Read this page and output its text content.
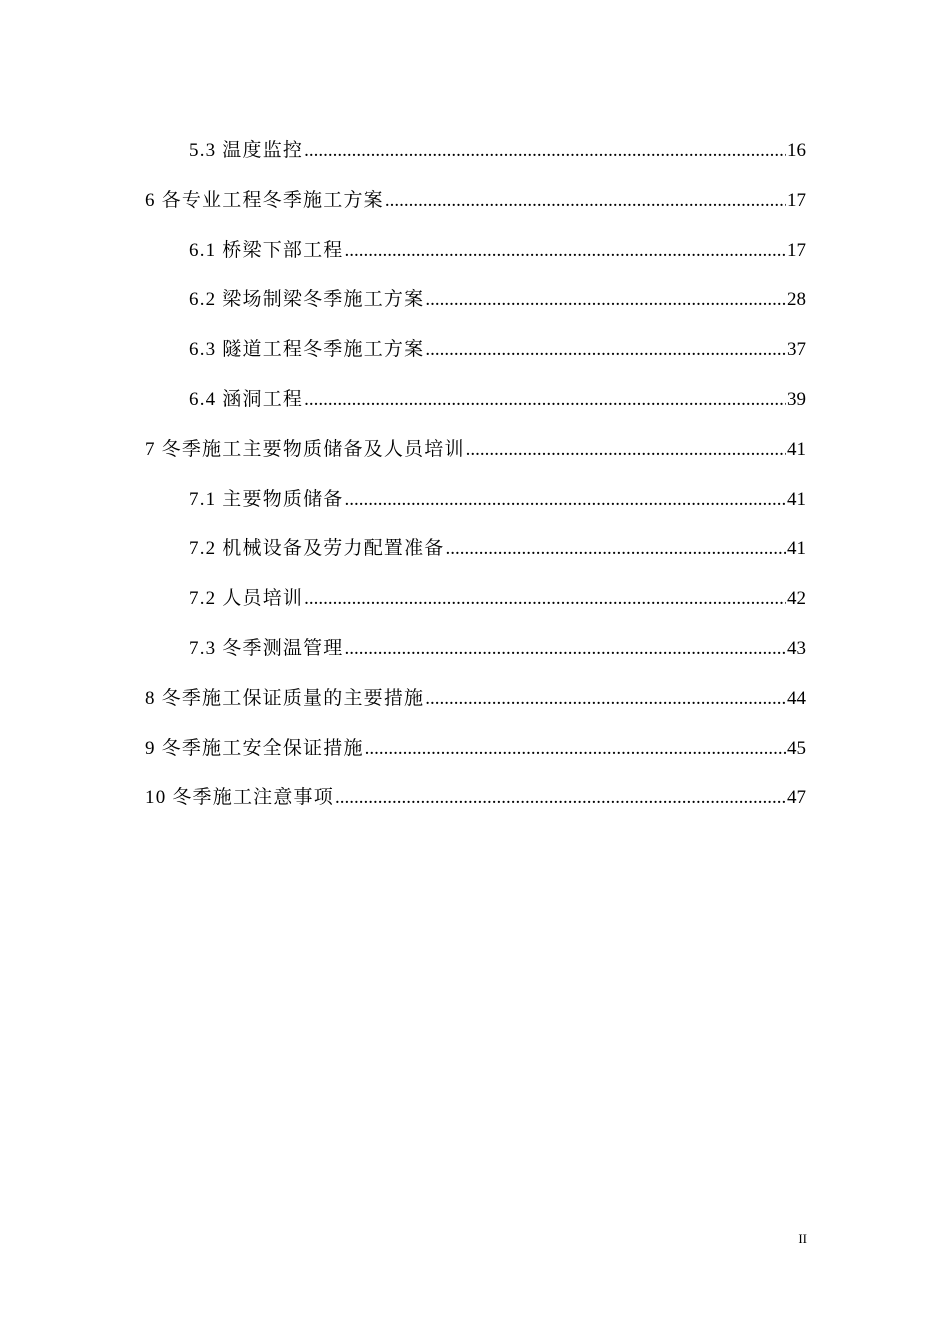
5.3 温度监控 .....	16
6 各专业工程冬季施工方案 .....	17
6.1 桥梁下部工程 .....	17
6.2 梁场制梁冬季施工方案 .....	28
6.3 隧道工程冬季施工方案 .....	37
6.4 涵洞工程 .....	39
7 冬季施工主要物质储备及人员培训 .....	41
7.1 主要物质储备 .....	41
7.2 机械设备及劳力配置准备 .....	41
7.2 人员培训 .....	42
7.3 冬季测温管理 .....	43
8 冬季施工保证质量的主要措施 .....	44
9 冬季施工安全保证措施 .....	45
10 冬季施工注意事项 .....	47
II
